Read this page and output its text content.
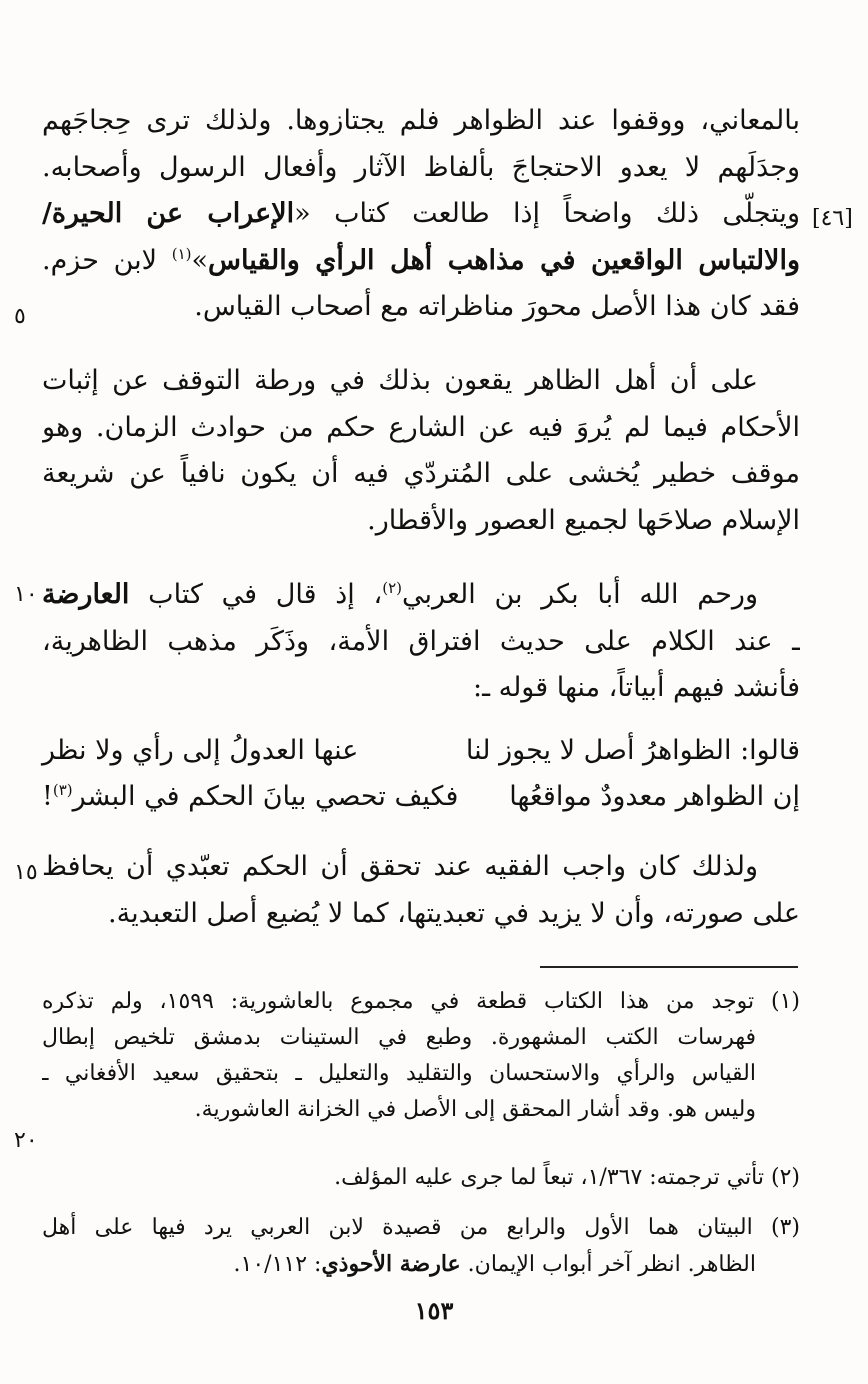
[٤٦]
٥
١٠
١٥
٢٠
بالمعاني، ووقفوا عند الظواهر فلم يجتازوها. ولذلك ترى حِجاجَهم
وجدَلَهم لا يعدو الاحتجاجَ بألفاظ الآثار وأفعال الرسول وأصحابه.
ويتجلّى ذلك واضحاً إذا طالعت كتاب «الإعراب عن الحيرة/
والالتباس الواقعين في مذاهب أهل الرأي والقياس»$^{(١)}$ لابن حزم.
فقد كان هذا الأصل محورَ مناظراته مع أصحاب القياس.
على أن أهل الظاهر يقعون بذلك في ورطة التوقف عن إثبات
الأحكام فيما لم يُروَ فيه عن الشارع حكم من حوادث الزمان. وهو
موقف خطير يُخشى على المُتردّي فيه أن يكون نافياً عن شريعة
الإسلام صلاحَها لجميع العصور والأقطار.
ورحم الله أبا بكر بن العربي$^{(٢)}$، إذ قال في كتاب العارضة
ـ عند الكلام على حديث افتراق الأمة، وذَكَر مذهب الظاهرية،
فأنشد فيهم أبياتاً، منها قوله ـ:
قالوا: الظواهرُ أصل لا يجوز لنا
عنها العدولُ إلى رأي ولا نظر
إن الظواهر معدودٌ مواقعُها
فكيف تحصي بيانَ الحكم في البشر$^{(٣)}$!
ولذلك كان واجب الفقيه عند تحقق أن الحكم تعبّدي أن يحافظ
على صورته، وأن لا يزيد في تعبديتها، كما لا يُضيع أصل التعبدية.
(١) توجد من هذا الكتاب قطعة في مجموع بالعاشورية: ١٥٩٩، ولم تذكره
فهرسات الكتب المشهورة. وطبع في الستينات بدمشق تلخيص إبطال
القياس والرأي والاستحسان والتقليد والتعليل ـ بتحقيق سعيد الأفغاني ـ
وليس هو. وقد أشار المحقق إلى الأصل في الخزانة العاشورية.
(٢) تأتي ترجمته: ١/٣٦٧، تبعاً لما جرى عليه المؤلف.
(٣) البيتان هما الأول والرابع من قصيدة لابن العربي يرد فيها على أهل
الظاهر. انظر آخر أبواب الإيمان. عارضة الأحوذي: ١٠/١١٢.
١٥٣
